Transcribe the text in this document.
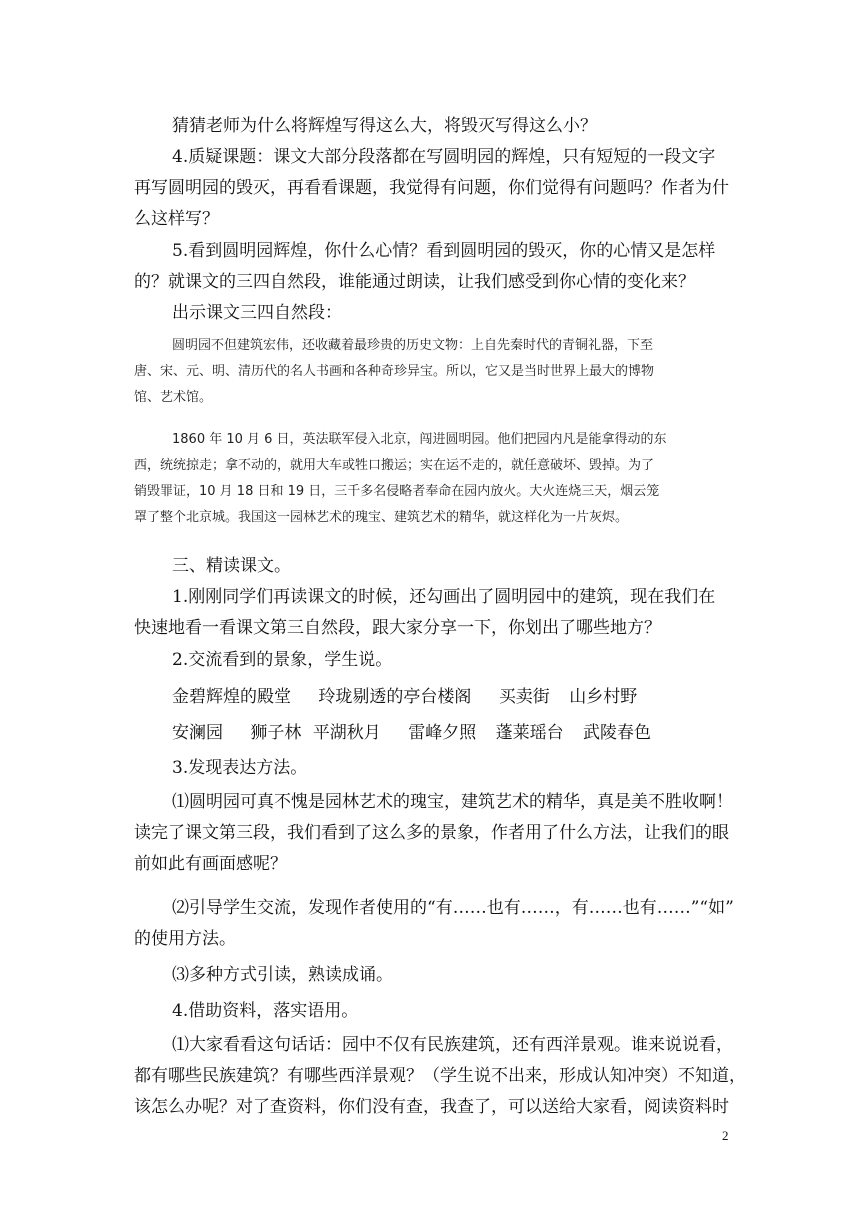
猜猜老师为什么将辉煌写得这么大，将毁灭写得这么小？

4.质疑课题：课文大部分段落都在写圆明园的辉煌，只有短短的一段文字

再写圆明园的毁灭，再看看课题，我觉得有问题，你们觉得有问题吗？作者为什

么这样写？

5.看到圆明园辉煌，你什么心情？看到圆明园的毁灭，你的心情又是怎样

的？就课文的三四自然段，谁能通过朗读，让我们感受到你心情的变化来？

出示课文三四自然段：

圆明园不但建筑宏伟，还收藏着最珍贵的历史文物：上自先秦时代的青铜礼器，下至

唐、宋、元、明、清历代的名人书画和各种奇珍异宝。所以，它又是当时世界上最大的博物

馆、艺术馆。

1860 年 10 月 6 日，英法联军侵入北京，闯进圆明园。他们把园内凡是能拿得动的东

西，统统掠走；拿不动的，就用大车或牲口搬运；实在运不走的，就任意破坏、毁掉。为了

销毁罪证，10 月 18 日和 19 日，三千多名侵略者奉命在园内放火。大火连烧三天，烟云笼

罩了整个北京城。我国这一园林艺术的瑰宝、建筑艺术的精华，就这样化为一片灰烬。

三、精读课文。

1.刚刚同学们再读课文的时候，还勾画出了圆明园中的建筑，现在我们在

快速地看一看课文第三自然段，跟大家分享一下，你划出了哪些地方？

2.交流看到的景象，学生说。

金碧辉煌的殿堂 玲珑剔透的亭台楼阁 买卖街 山乡村野
安澜园 狮子林 平湖秋月 雷峰夕照 蓬莱瑶台 武陵春色

3.发现表达方法。

⑴圆明园可真不愧是园林艺术的瑰宝，建筑艺术的精华，真是美不胜收啊！

读完了课文第三段，我们看到了这么多的景象，作者用了什么方法，让我们的眼

前如此有画面感呢？

⑵引导学生交流，发现作者使用的“有……也有……，有……也有……”“如”

的使用方法。

⑶多种方式引读，熟读成诵。

4.借助资料，落实语用。

⑴大家看看这句话话：园中不仅有民族建筑，还有西洋景观。谁来说说看，

都有哪些民族建筑？有哪些西洋景观？（学生说不出来，形成认知冲突）不知道，

该怎么办呢？对了查资料，你们没有查，我查了，可以送给大家看，阅读资料时

2
